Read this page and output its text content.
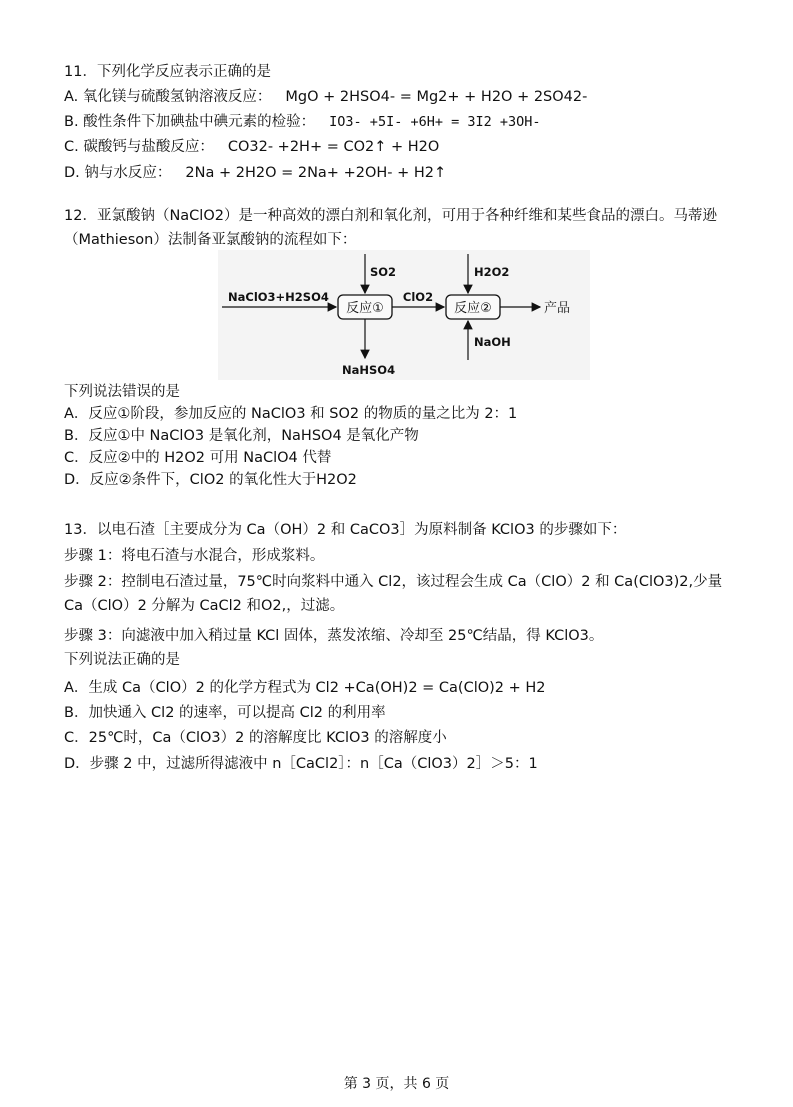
11．下列化学反应表示正确的是
A. 氧化镁与硫酸氢钠溶液反应： MgO + 2HSO4- = Mg2+ + H2O + 2SO42-
B. 酸性条件下加碘盐中碘元素的检验： IO3- +5I- +6H+ = 3I2 +3OH-
C. 碳酸钙与盐酸反应： CO32- +2H+ = CO2↑ + H2O
D. 钠与水反应： 2Na + 2H2O = 2Na+ +2OH- + H2↑
12．亚氯酸钠（NaClO2）是一种高效的漂白剂和氧化剂，可用于各种纤维和某些食品的漂白。马蒂逊（Mathieson）法制备亚氯酸钠的流程如下：
NaClO3+H2SO4
反应①
ClO2
反应②	产品
SO2
NaHSO4
H2O2
NaOH
下列说法错误的是
A．反应①阶段，参加反应的 NaClO3 和 SO2 的物质的量之比为 2：1
B．反应①中 NaClO3 是氧化剂，NaHSO4 是氧化产物
C．反应②中的 H2O2 可用 NaClO4 代替
D．反应②条件下，ClO2 的氧化性大于H2O2
13．以电石渣［主要成分为 Ca（OH）2 和 CaCO3］为原料制备 KClO3 的步骤如下：
步骤 1：将电石渣与水混合，形成浆料。
步骤 2：控制电石渣过量，75℃时向浆料中通入 Cl2，该过程会生成 Ca（ClO）2 和 Ca(ClO3)2,少量 Ca（ClO）2 分解为 CaCl2 和O2,，过滤。
步骤 3：向滤液中加入稍过量 KCl 固体，蒸发浓缩、冷却至 25℃结晶，得 KClO3。
下列说法正确的是
A．生成 Ca（ClO）2 的化学方程式为 Cl2 +Ca(OH)2 = Ca(ClO)2 + H2
B．加快通入 Cl2 的速率，可以提高 Cl2 的利用率
C．25℃时，Ca（ClO3）2 的溶解度比 KClO3 的溶解度小
D．步骤 2 中，过滤所得滤液中 n［CaCl2］：n［Ca（ClO3）2］＞5：1
第 3 页，共 6 页
